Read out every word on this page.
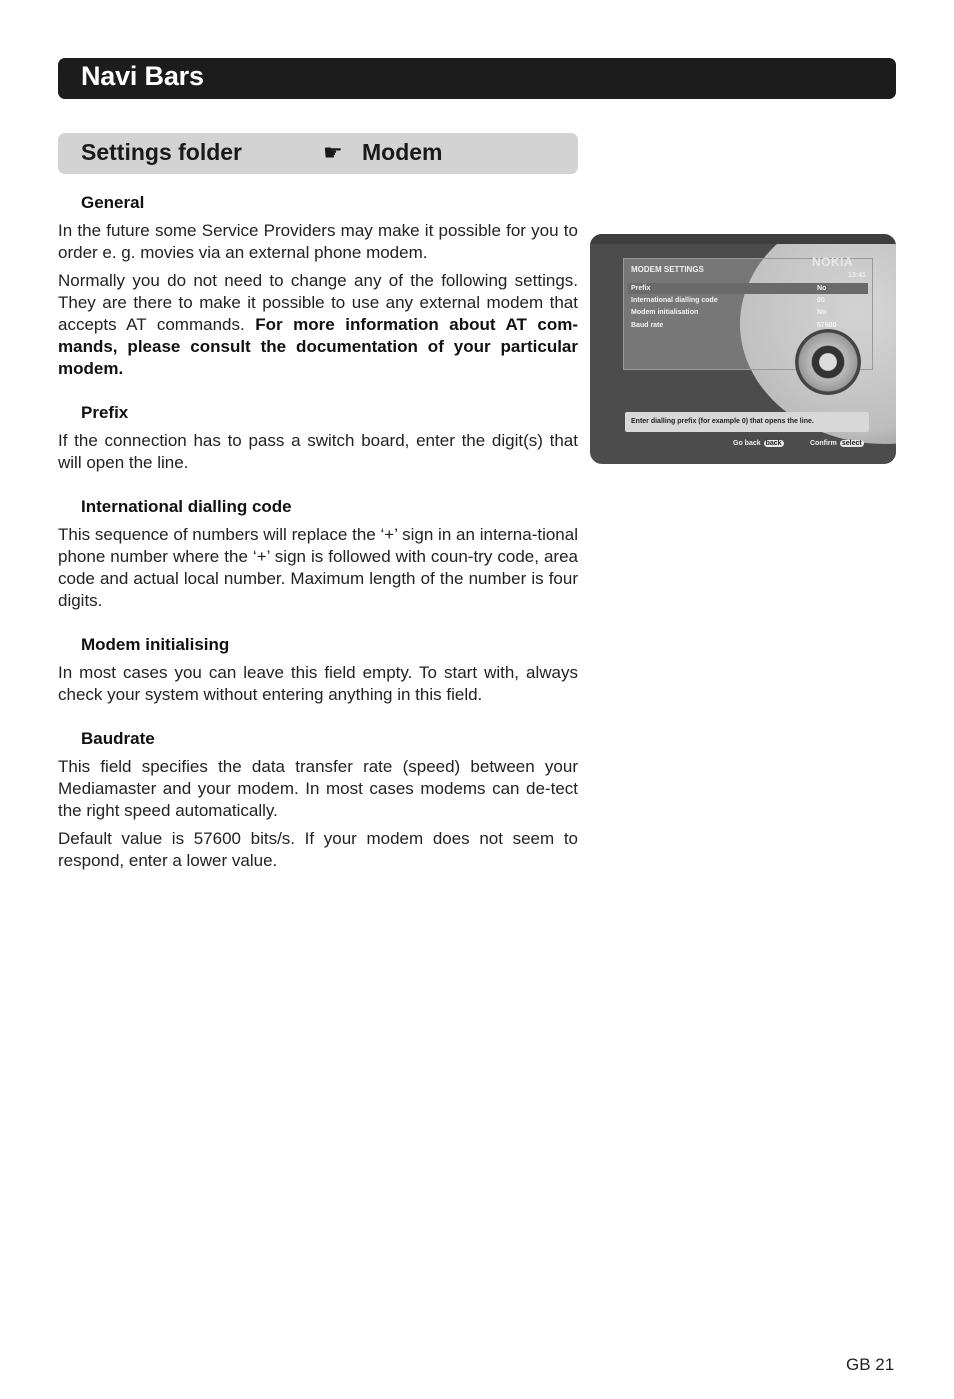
Navi Bars
Settings folder	☛ Modem
General

In the future some Service Providers may make it possible for you to order e. g. movies via an external phone modem.

Normally you do not need to change any of the following settings. They are there to make it possible to use any external modem that accepts AT commands. For more information about AT com-mands, please consult the documentation of your particular modem.

Prefix

If the connection has to pass a switch board, enter the digit(s) that will open the line.

International dialling code

This sequence of numbers will replace the ‘+’ sign in an interna-tional phone number where the ‘+’ sign is followed with coun-try code, area code and actual local number. Maximum length of the number is four digits.

Modem initialising

In most cases you can leave this field empty. To start with, always check your system without entering anything in this field.

Baudrate

This field specifies the data transfer rate (speed) between your Mediamaster and your modem. In most cases modems can de-tect the right speed automatically.

Default value is 57600 bits/s. If your modem does not seem to respond, enter a lower value.

MODEM SETTINGS
NOKIA
13:41
Prefix	No
International dialling code	00
Modem initialisation	No
Baud rate	57600
Enter dialling prefix (for example 0) that opens the line.
Go back back	Confirm select
GB 21
